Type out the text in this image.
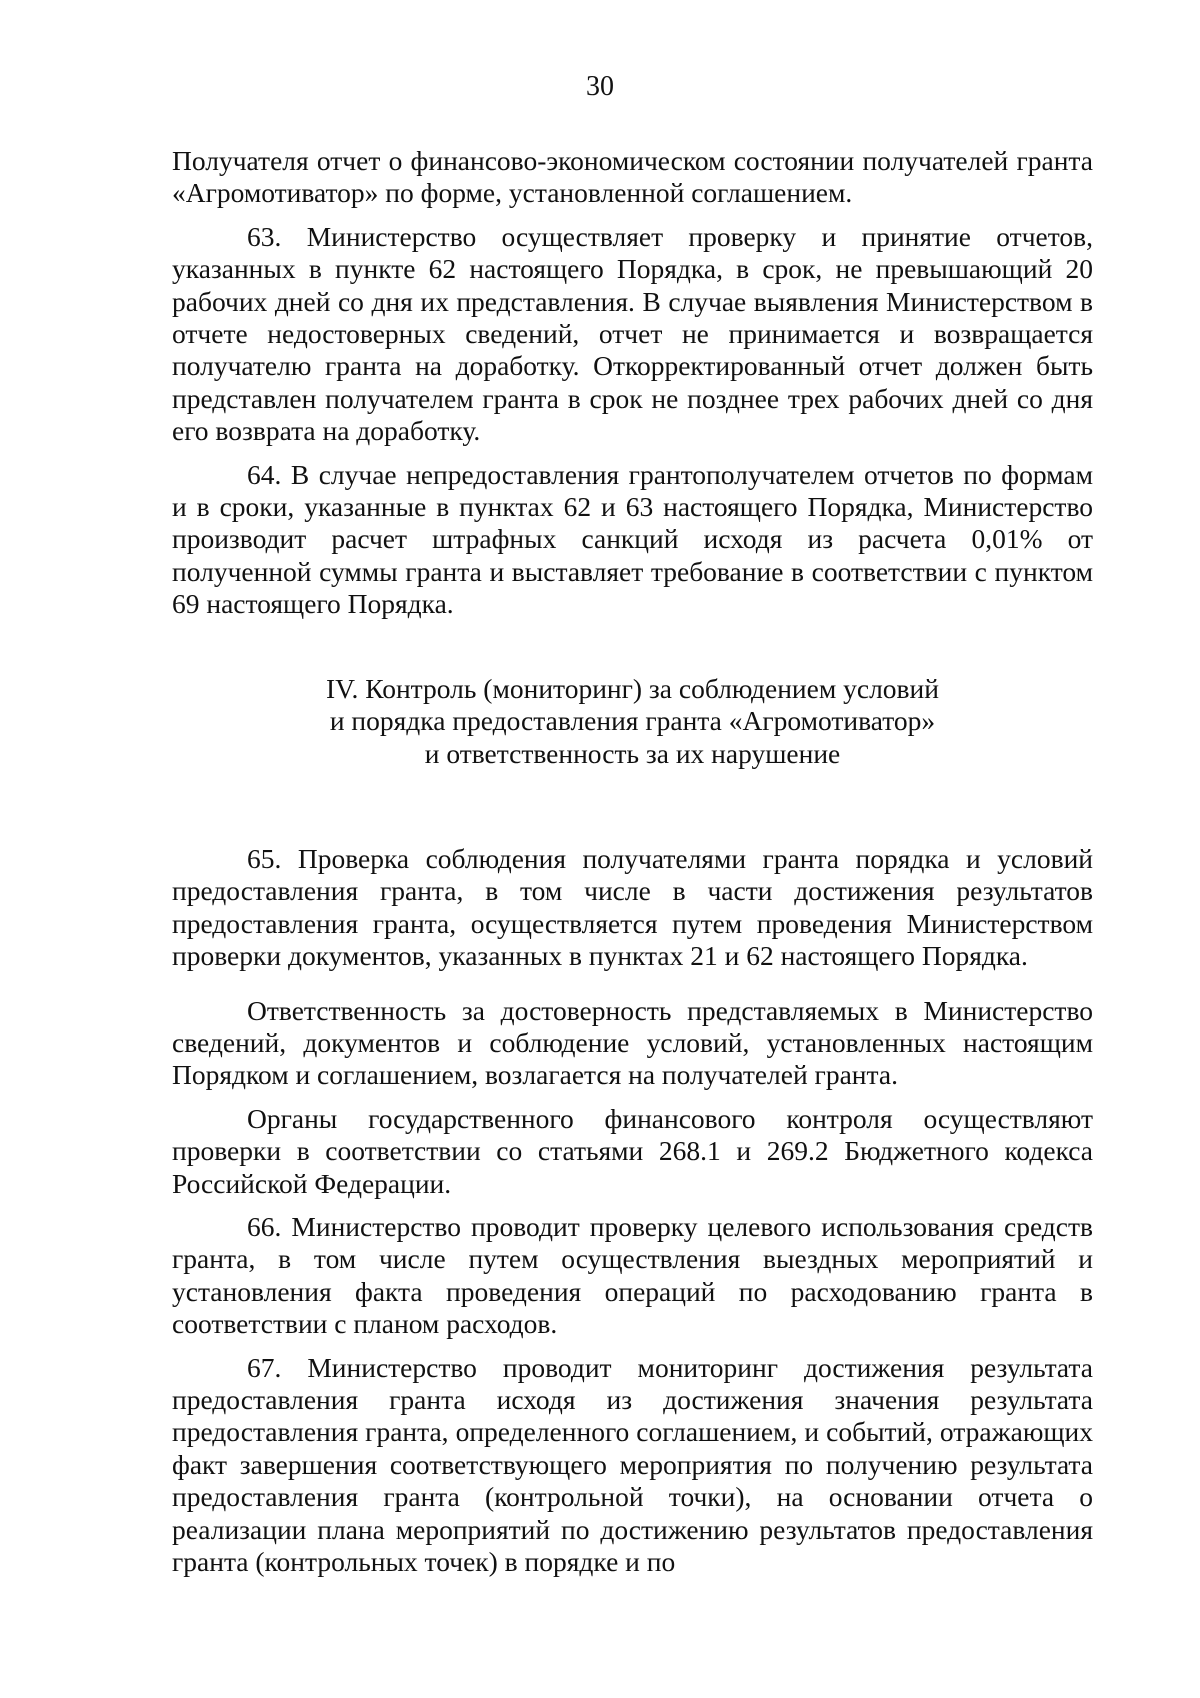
30

Получателя отчет о финансово-экономическом состоянии получателей гранта «Агромотиватор» по форме, установленной соглашением.

63. Министерство осуществляет проверку и принятие отчетов, указанных в пункте 62 настоящего Порядка, в срок, не превышающий 20 рабочих дней со дня их представления. В случае выявления Министерством в отчете недостоверных сведений, отчет не принимается и возвращается получателю гранта на доработку. Откорректированный отчет должен быть представлен получателем гранта в срок не позднее трех рабочих дней со дня его возврата на доработку.

64. В случае непредоставления грантополучателем отчетов по формам и в сроки, указанные в пунктах 62 и 63 настоящего Порядка, Министерство производит расчет штрафных санкций исходя из расчета 0,01% от полученной суммы гранта и выставляет требование в соответствии с пунктом 69 настоящего Порядка.

IV. Контроль (мониторинг) за соблюдением условий
и порядка предоставления гранта «Агромотиватор»
и ответственность за их нарушение

65. Проверка соблюдения получателями гранта порядка и условий предоставления гранта, в том числе в части достижения результатов предоставления гранта, осуществляется путем проведения Министерством проверки документов, указанных в пунктах 21 и 62 настоящего Порядка.

Ответственность за достоверность представляемых в Министерство сведений, документов и соблюдение условий, установленных настоящим Порядком и соглашением, возлагается на получателей гранта.

Органы государственного финансового контроля осуществляют проверки в соответствии со статьями 268.1 и 269.2 Бюджетного кодекса Российской Федерации.

66. Министерство проводит проверку целевого использования средств гранта, в том числе путем осуществления выездных мероприятий и установления факта проведения операций по расходованию гранта в соответствии с планом расходов.

67. Министерство проводит мониторинг достижения результата предоставления гранта исходя из достижения значения результата предоставления гранта, определенного соглашением, и событий, отражающих факт завершения соответствующего мероприятия по получению результата предоставления гранта (контрольной точки), на основании отчета о реализации плана мероприятий по достижению результатов предоставления гранта (контрольных точек) в порядке и по
